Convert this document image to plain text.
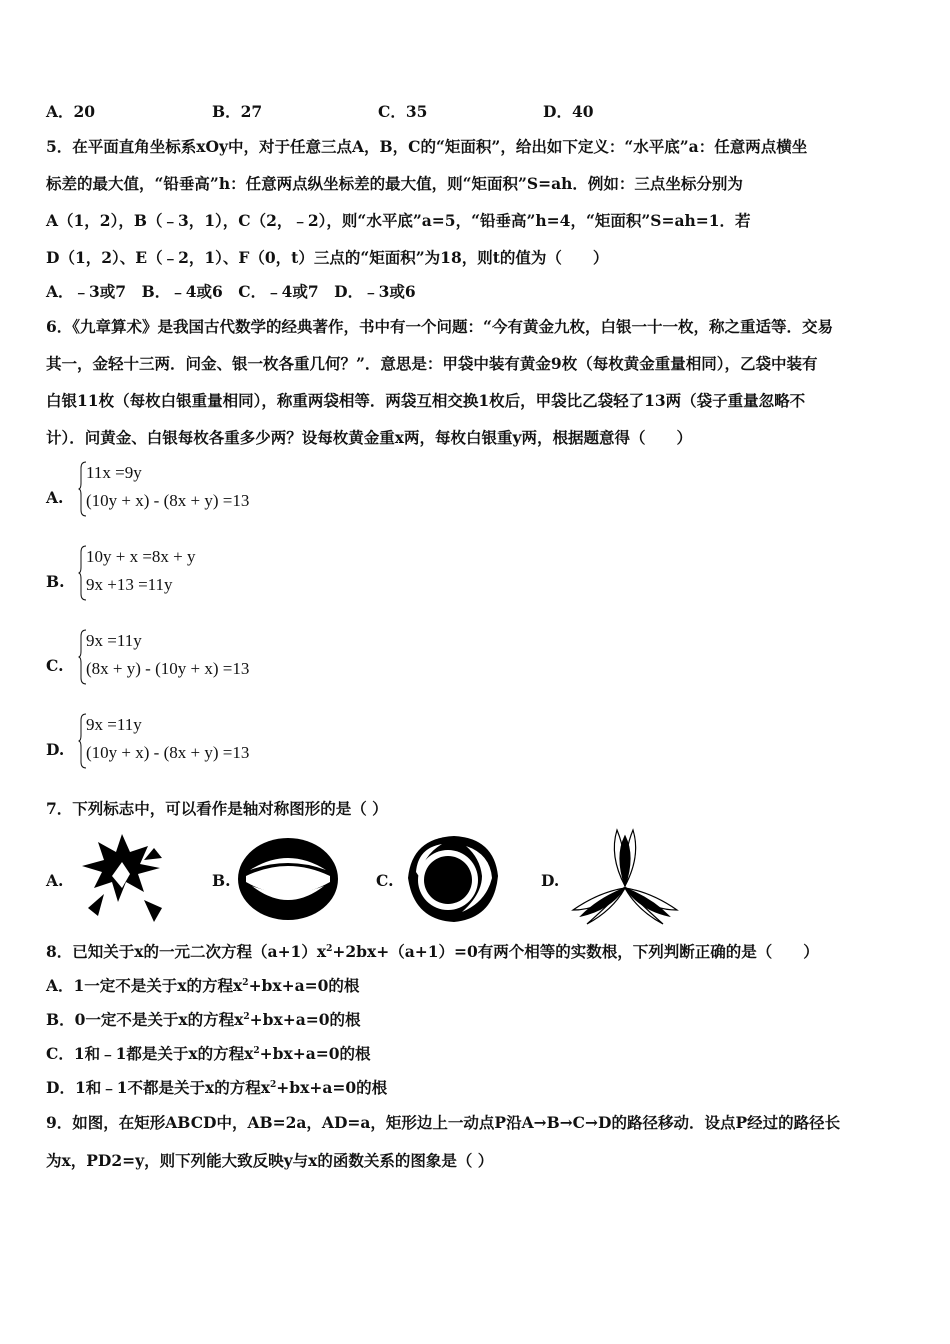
A．20	B．27	C．35	D．40
5．在平面直角坐标系xOy中，对于任意三点A，B，C的“矩面积”，给出如下定义：“水平底”a：任意两点横坐
标差的最大值，“铅垂高”h：任意两点纵坐标差的最大值，则“矩面积”S=ah．例如：三点坐标分别为
A（1，2），B（﹣3，1），C（2，﹣2），则“水平底”a=5，“铅垂高”h=4，“矩面积”S=ah=1．若
D（1，2）、E（﹣2，1）、F（0，t）三点的“矩面积”为18，则t的值为（　　）
A．﹣3或7　B．﹣4或6　C．﹣4或7　D．﹣3或6
6．《九章算术》是我国古代数学的经典著作，书中有一个问题：“今有黄金九枚，白银一十一枚，称之重适等．交易
其一，金轻十三两．问金、银一枚各重几何？”．意思是：甲袋中装有黄金9枚（每枚黄金重量相同），乙袋中装有
白银11枚（每枚白银重量相同），称重两袋相等．两袋互相交换1枚后，甲袋比乙袋轻了13两（袋子重量忽略不
计）．问黄金、白银每枚各重多少两？设每枚黄金重x两，每枚白银重y两，根据题意得（　　）
A.
11x =9y
(10y + x) - (8x + y) =13
B.
10y + x =8x + y
9x +13 =11y
C.
9x =11y
(8x + y) - (10y + x) =13
D.
9x =11y
(10y + x) - (8x + y) =13
7．下列标志中，可以看作是轴对称图形的是（ ）
A.	B.	C.	D.
8．已知关于x的一元二次方程$(a+1)x^2+2bx+(a+1)=0$有两个相等的实数根，下列判断正确的是（　　）
A．1一定不是关于x的方程$x^2+bx+a=0$的根
B．0一定不是关于x的方程$x^2+bx+a=0$的根
C．1和﹣1都是关于x的方程$x^2+bx+a=0$的根
D．1和﹣1不都是关于x的方程$x^2+bx+a=0$的根
9．如图，在矩形ABCD中，AB=2a，AD=a，矩形边上一动点P沿A→B→C→D的路径移动．设点P经过的路径长
为x，PD2=y，则下列能大致反映y与x的函数关系的图象是（ ）
